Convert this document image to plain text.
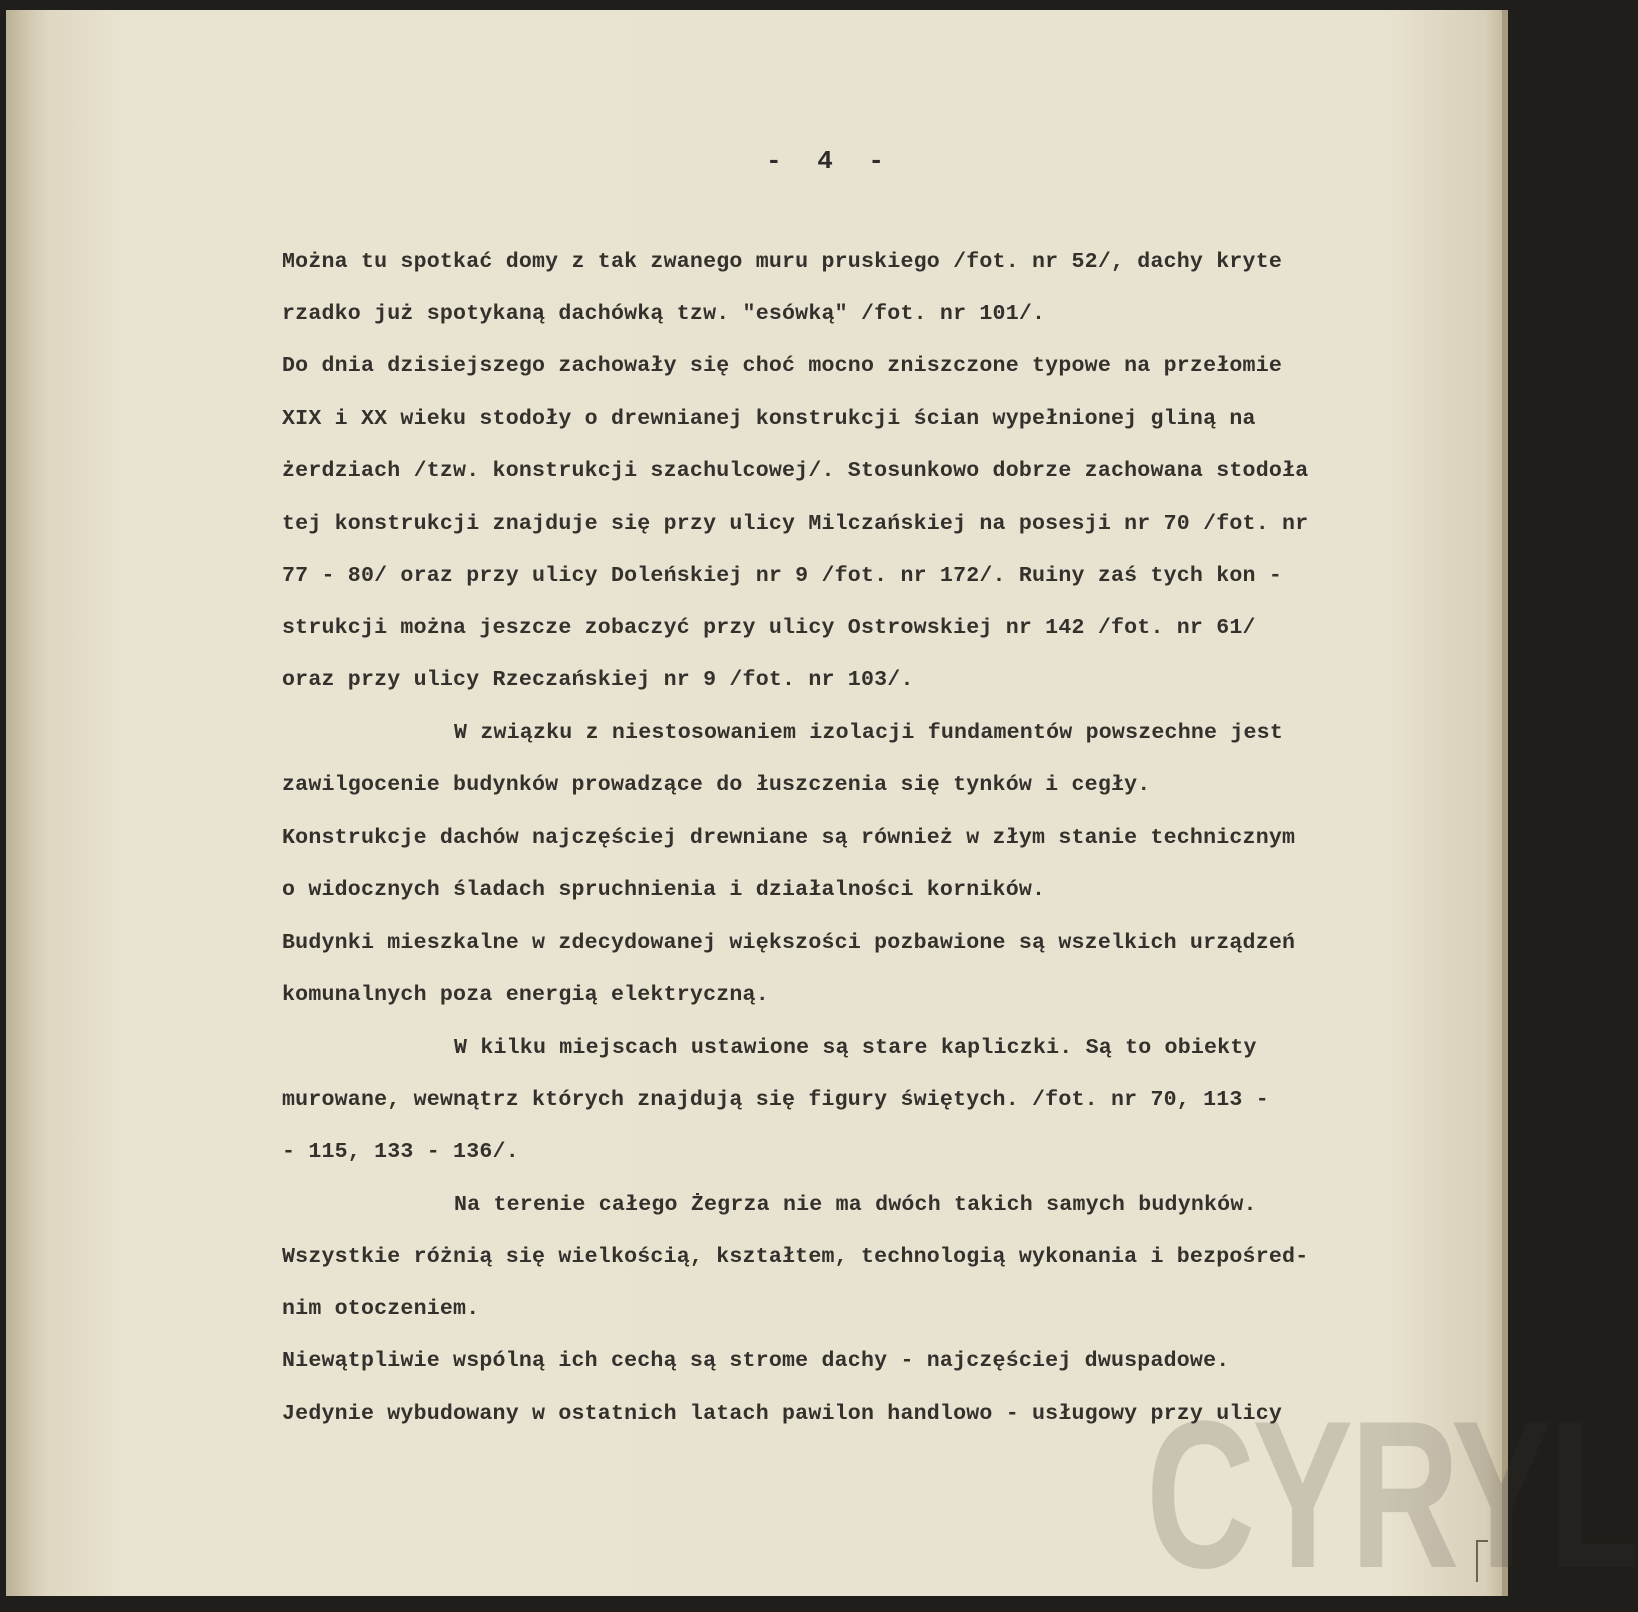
- 4 -
Można tu spotkać domy z tak zwanego muru pruskiego /fot. nr 52/, dachy kryte
rzadko już spotykaną dachówką tzw. "esówką" /fot. nr 101/.
Do dnia dzisiejszego zachowały się choć mocno zniszczone typowe na przełomie
XIX i XX wieku stodoły o drewnianej konstrukcji ścian wypełnionej gliną na
żerdziach /tzw. konstrukcji szachulcowej/. Stosunkowo dobrze zachowana stodoła
tej konstrukcji znajduje się przy ulicy Milczańskiej na posesji nr 70 /fot. nr
77 - 80/ oraz przy ulicy Doleńskiej nr 9 /fot. nr 172/. Ruiny zaś tych kon -
strukcji można jeszcze zobaczyć przy ulicy Ostrowskiej nr 142 /fot. nr 61/
oraz przy ulicy Rzeczańskiej nr 9 /fot. nr 103/.
W związku z niestosowaniem izolacji fundamentów powszechne jest
zawilgocenie budynków prowadzące do łuszczenia się tynków i cegły.
Konstrukcje dachów najczęściej drewniane są również w złym stanie technicznym
o widocznych śladach spruchnienia i działalności korników.
Budynki mieszkalne w zdecydowanej większości pozbawione są wszelkich urządzeń
komunalnych poza energią elektryczną.
W kilku miejscach ustawione są stare kapliczki. Są to obiekty
murowane, wewnątrz których znajdują się figury świętych. /fot. nr 70, 113 -
- 115, 133 - 136/.
Na terenie całego Żegrza nie ma dwóch takich samych budynków.
Wszystkie różnią się wielkością, kształtem, technologią wykonania i bezpośred-
nim otoczeniem.
Niewątpliwie wspólną ich cechą są strome dachy - najczęściej dwuspadowe.
Jedynie wybudowany w ostatnich latach pawilon handlowo - usługowy przy ulicy
CYRYL
